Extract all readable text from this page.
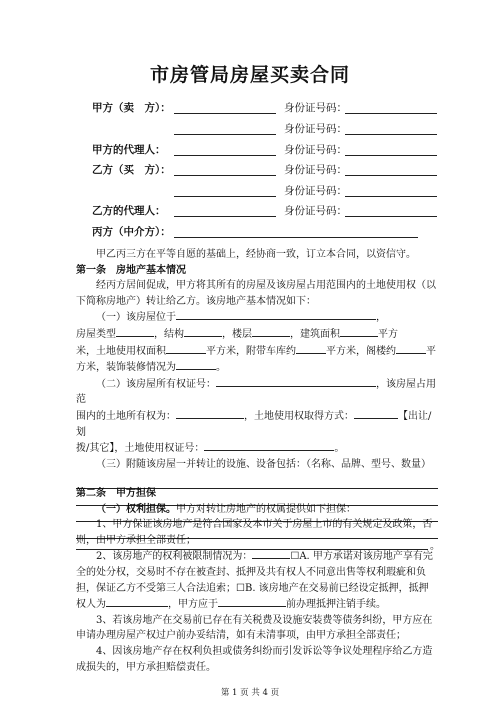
市房管局房屋买卖合同
甲方（卖　方）：	身份证号码：
身份证号码：
甲方的代理人：	身份证号码：
乙方（买　方）：	身份证号码：
身份证号码：
乙方的代理人：	身份证号码：
丙方（中介方）：

甲乙丙三方在平等自愿的基础上，经协商一致，订立本合同，以资信守。

第一条　房地产基本情况

经丙方居间促成，甲方将其所有的房屋及该房屋占用范围内的土地使用权（以下简称房地产）转让给乙方。该房地产基本情况如下：

（一）该房屋位于	，
房屋类型	，结构	，楼层	，建筑面积	平方
米，土地使用权面积	平方米，附带车库约	平方米，阁楼约	平
方米，装饰装修情况为	。

（二）该房屋所有权证号：	，该房屋占用范
围内的土地所有权为：	，土地使用权取得方式：	【出让/划
拨/其它】，土地使用权证号：	。

（三）附随该房屋一并转让的设施、设备包括：（名称、品牌、型号、数量）

。

第二条　甲方担保

（一）权利担保。甲方对转让房地产的权属提供如下担保：

1、甲方保证该房地产是符合国家及本市关于房屋上市的有关规定及政策，否则，由甲方承担全部责任；

2、该房地产的权利被限制情况为：	☐A. 甲方承诺对该房地产享有完全的处分权，交易时不存在被查封、抵押及共有权人不同意出售等权利瑕疵和负担，保证乙方不受第三人合法追索；☐B. 该房地产在交易前已经设定抵押，抵押权人为	，甲方应于	前办理抵押注销手续。

3、若该房地产在交易前已存在有关税费及设施安装费等债务纠纷，甲方应在申请办理房屋产权过户前办妥结清，如有未清事项，由甲方承担全部责任；

4、因该房地产存在权利负担或债务纠纷而引发诉讼等争议处理程序给乙方造成损失的，甲方承担赔偿责任。

第 1 页 共 4 页
